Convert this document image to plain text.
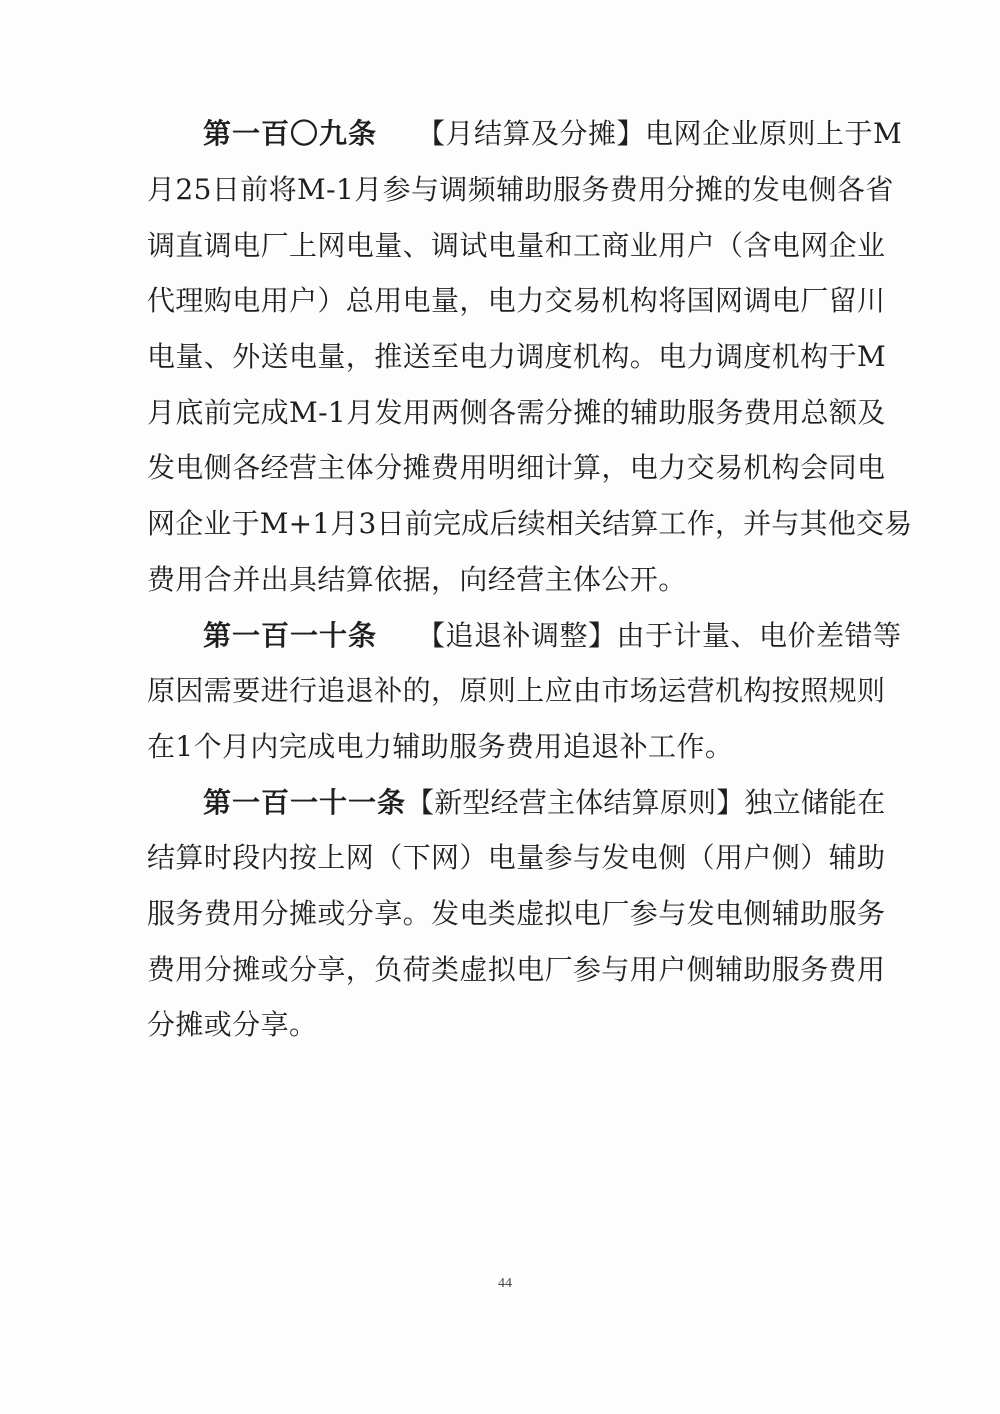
第一百〇九条 【月结算及分摊】电网企业原则上于M
月25日前将M-1月参与调频辅助服务费用分摊的发电侧各省
调直调电厂上网电量、调试电量和工商业用户（含电网企业
代理购电用户）总用电量，电力交易机构将国网调电厂留川
电量、外送电量，推送至电力调度机构。电力调度机构于M
月底前完成M-1月发用两侧各需分摊的辅助服务费用总额及
发电侧各经营主体分摊费用明细计算，电力交易机构会同电
网企业于M+1月3日前完成后续相关结算工作，并与其他交易
费用合并出具结算依据，向经营主体公开。
第一百一十条 【追退补调整】由于计量、电价差错等
原因需要进行追退补的，原则上应由市场运营机构按照规则
在1个月内完成电力辅助服务费用追退补工作。
第一百一十一条【新型经营主体结算原则】独立储能在
结算时段内按上网（下网）电量参与发电侧（用户侧）辅助
服务费用分摊或分享。发电类虚拟电厂参与发电侧辅助服务
费用分摊或分享，负荷类虚拟电厂参与用户侧辅助服务费用
分摊或分享。
44
